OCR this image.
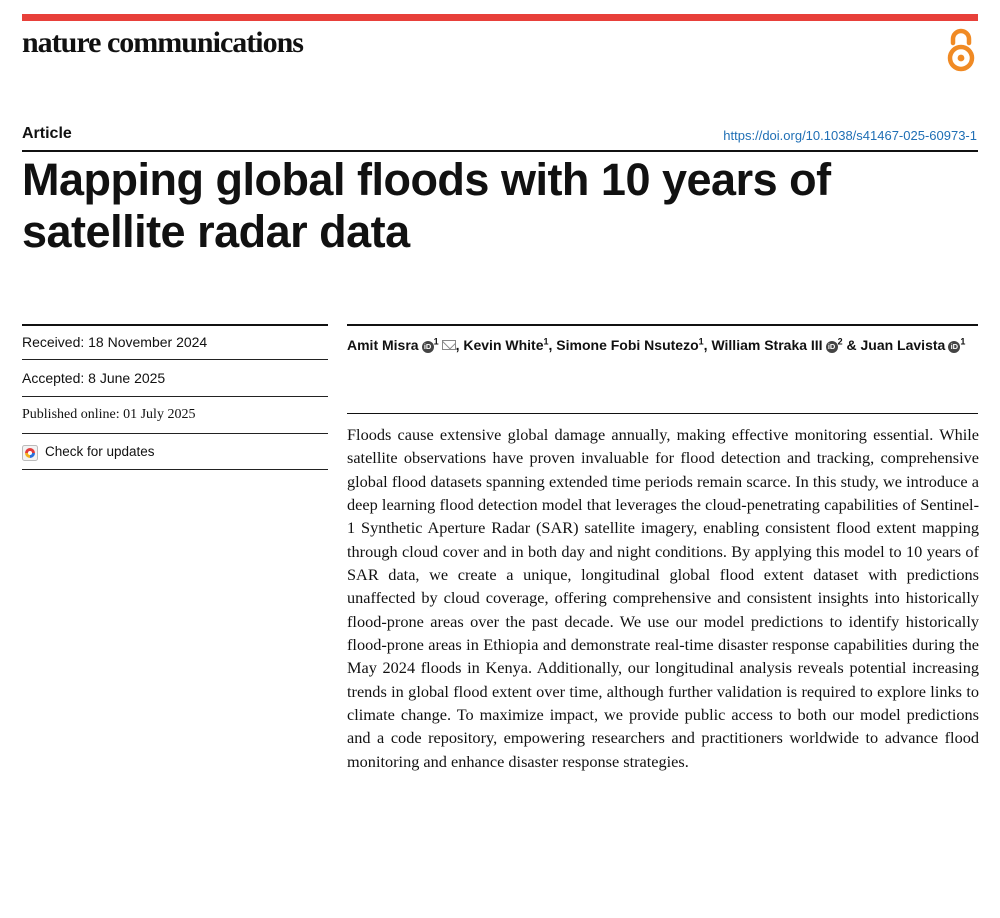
nature communications
Article	https://doi.org/10.1038/s41467-025-60973-1
Mapping global floods with 10 years of satellite radar data
Received: 18 November 2024
Accepted: 8 June 2025
Published online: 01 July 2025
Check for updates
Amit Misra $iD^1$ , Kevin White$^1$, Simone Fobi Nsutezo$^1$, William Straka III $iD^2$ & Juan Lavista $iD^1$

Floods cause extensive global damage annually, making effective monitoring essential. While satellite observations have proven invaluable for flood detection and tracking, comprehensive global flood datasets spanning extended time periods remain scarce. In this study, we introduce a deep learning flood detection model that leverages the cloud-penetrating capabilities of Sentinel-1 Synthetic Aperture Radar (SAR) satellite imagery, enabling consistent flood extent mapping through cloud cover and in both day and night conditions. By applying this model to 10 years of SAR data, we create a unique, longitudinal global flood extent dataset with predictions unaffected by cloud coverage, offering comprehensive and consistent insights into historically flood-prone areas over the past decade. We use our model predictions to identify historically flood-prone areas in Ethiopia and demonstrate real-time disaster response capabilities during the May 2024 floods in Kenya. Additionally, our longitudinal analysis reveals potential increasing trends in global flood extent over time, although further validation is required to explore links to climate change. To maximize impact, we provide public access to both our model predictions and a code repository, empowering researchers and practitioners worldwide to advance flood monitoring and enhance disaster response strategies.
